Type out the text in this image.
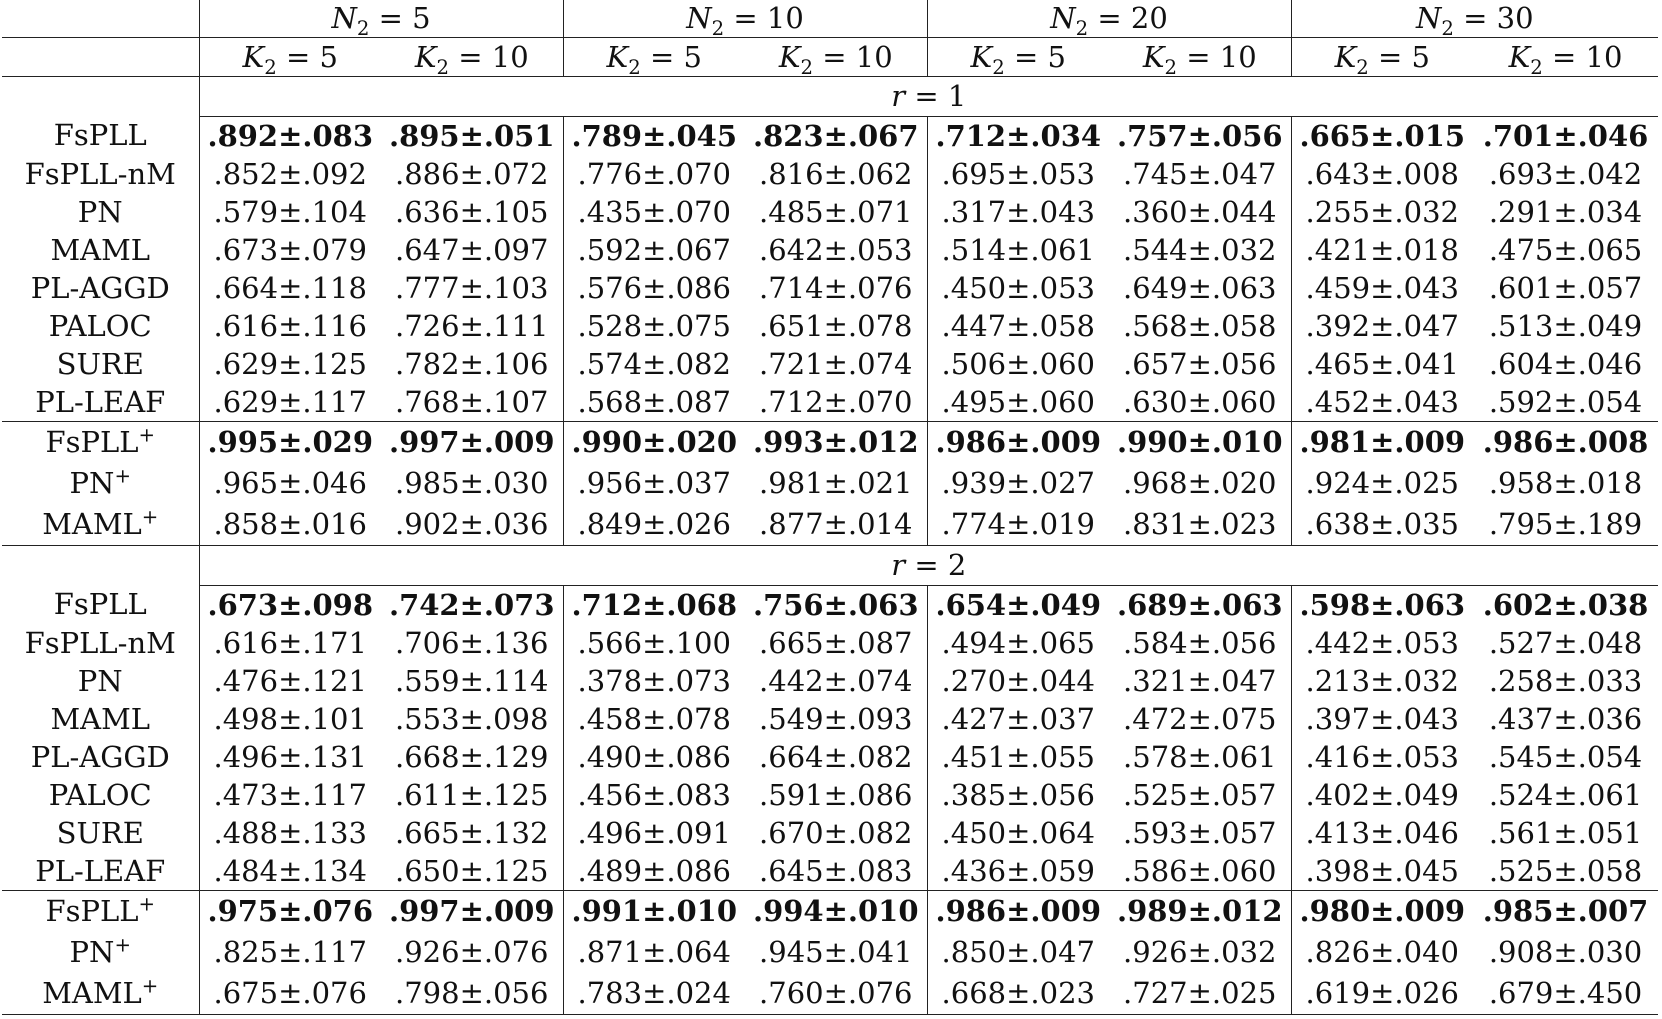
	$N_2 = 5$		$N_2 = 10$		$N_2 = 20$		$N_2 = 30$	
	$K_2 = 5$	$K_2 = 10$	$K_2 = 5$	$K_2 = 10$	$K_2 = 5$	$K_2 = 10$	$K_2 = 5$	$K_2 = 10$
	r = 1							
FsPLL	.892±.083	.895±.051	.789±.045	.823±.067	.712±.034	.757±.056	.665±.015	.701±.046
FsPLL-nM	.852±.092	.886±.072	.776±.070	.816±.062	.695±.053	.745±.047	.643±.008	.693±.042
PN	.579±.104	.636±.105	.435±.070	.485±.071	.317±.043	.360±.044	.255±.032	.291±.034
MAML	.673±.079	.647±.097	.592±.067	.642±.053	.514±.061	.544±.032	.421±.018	.475±.065
PL-AGGD	.664±.118	.777±.103	.576±.086	.714±.076	.450±.053	.649±.063	.459±.043	.601±.057
PALOC	.616±.116	.726±.111	.528±.075	.651±.078	.447±.058	.568±.058	.392±.047	.513±.049
SURE	.629±.125	.782±.106	.574±.082	.721±.074	.506±.060	.657±.056	.465±.041	.604±.046
PL-LEAF	.629±.117	.768±.107	.568±.087	.712±.070	.495±.060	.630±.060	.452±.043	.592±.054
FsPLL+	.995±.029	.997±.009	.990±.020	.993±.012	.986±.009	.990±.010	.981±.009	.986±.008
PN+	.965±.046	.985±.030	.956±.037	.981±.021	.939±.027	.968±.020	.924±.025	.958±.018
MAML+	.858±.016	.902±.036	.849±.026	.877±.014	.774±.019	.831±.023	.638±.035	.795±.189
	r = 2							
FsPLL	.673±.098	.742±.073	.712±.068	.756±.063	.654±.049	.689±.063	.598±.063	.602±.038
FsPLL-nM	.616±.171	.706±.136	.566±.100	.665±.087	.494±.065	.584±.056	.442±.053	.527±.048
PN	.476±.121	.559±.114	.378±.073	.442±.074	.270±.044	.321±.047	.213±.032	.258±.033
MAML	.498±.101	.553±.098	.458±.078	.549±.093	.427±.037	.472±.075	.397±.043	.437±.036
PL-AGGD	.496±.131	.668±.129	.490±.086	.664±.082	.451±.055	.578±.061	.416±.053	.545±.054
PALOC	.473±.117	.611±.125	.456±.083	.591±.086	.385±.056	.525±.057	.402±.049	.524±.061
SURE	.488±.133	.665±.132	.496±.091	.670±.082	.450±.064	.593±.057	.413±.046	.561±.051
PL-LEAF	.484±.134	.650±.125	.489±.086	.645±.083	.436±.059	.586±.060	.398±.045	.525±.058
FsPLL+	.975±.076	.997±.009	.991±.010	.994±.010	.986±.009	.989±.012	.980±.009	.985±.007
PN+	.825±.117	.926±.076	.871±.064	.945±.041	.850±.047	.926±.032	.826±.040	.908±.030
MAML+	.675±.076	.798±.056	.783±.024	.760±.076	.668±.023	.727±.025	.619±.026	.679±.450
